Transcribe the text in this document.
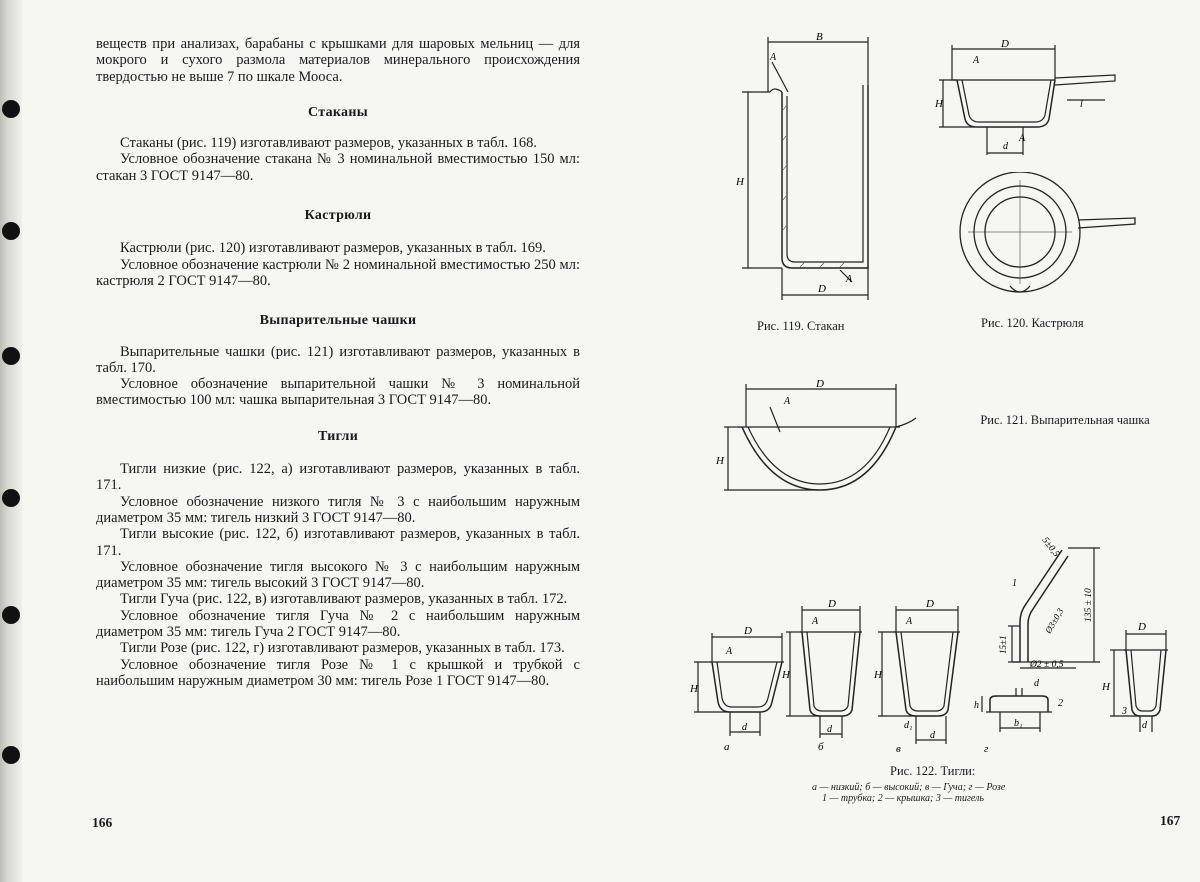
веществ при анализах, барабаны с крышками для шаровых мельниц — для мокрого и сухого размола материалов минерального происхождения твердостью не выше 7 по шкале Мооса.

Стаканы

Стаканы (рис. 119) изготавливают размеров, указанных в табл. 168.

Условное обозначение стакана № 3 номинальной вместимостью 150 мл: стакан 3 ГОСТ 9147—80.

Кастрюли

Кастрюли (рис. 120) изготавливают размеров, указанных в табл. 169.

Условное обозначение кастрюли № 2 номинальной вместимостью 250 мл: кастрюля 2 ГОСТ 9147—80.

Выпарительные чашки

Выпарительные чашки (рис. 121) изготавливают размеров, указанных в табл. 170.

Условное обозначение выпарительной чашки № 3 номинальной вместимостью 100 мл: чашка выпарительная 3 ГОСТ 9147—80.

Тигли

Тигли низкие (рис. 122, а) изготавливают размеров, указанных в табл. 171.

Условное обозначение низкого тигля № 3 с наибольшим наружным диаметром 35 мм: тигель низкий 3 ГОСТ 9147—80.

Тигли высокие (рис. 122, б) изготавливают размеров, указанных в табл. 171.

Условное обозначение тигля высокого № 3 с наибольшим наружным диаметром 35 мм: тигель высокий 3 ГОСТ 9147—80.

Тигли Гуча (рис. 122, в) изготавливают размеров, указанных в табл. 172.

Условное обозначение тигля Гуча № 2 с наибольшим наружным диаметром 35 мм: тигель Гуча 2 ГОСТ 9147—80.

Тигли Розе (рис. 122, г) изготавливают размеров, указанных в табл. 173.

Условное обозначение тигля Розе № 1 с крышкой и трубкой с наибольшим наружным диаметром 30 мм: тигель Розе 1 ГОСТ 9147—80.

166
B
A
D
A
H
Рис. 119. Стакан
D
A
H	l
d
A
Рис. 120. Кастрюля
D
A
H
Рис. 121. Выпарительная чашка
D
A
H
d
а
D
A
H
d
б
D
A
H
d₁
d
в
5±0,5
135 ± 10
15±1
Ø3±0,3
Ø2 ± 0,5
1
d
2
h
b₁
г
D
H
3
d
Рис. 122. Тигли:
а — низкий; б — высокий; в — Гуча; г — Розе
1 — трубка; 2 — крышка; 3 — тигель
167
